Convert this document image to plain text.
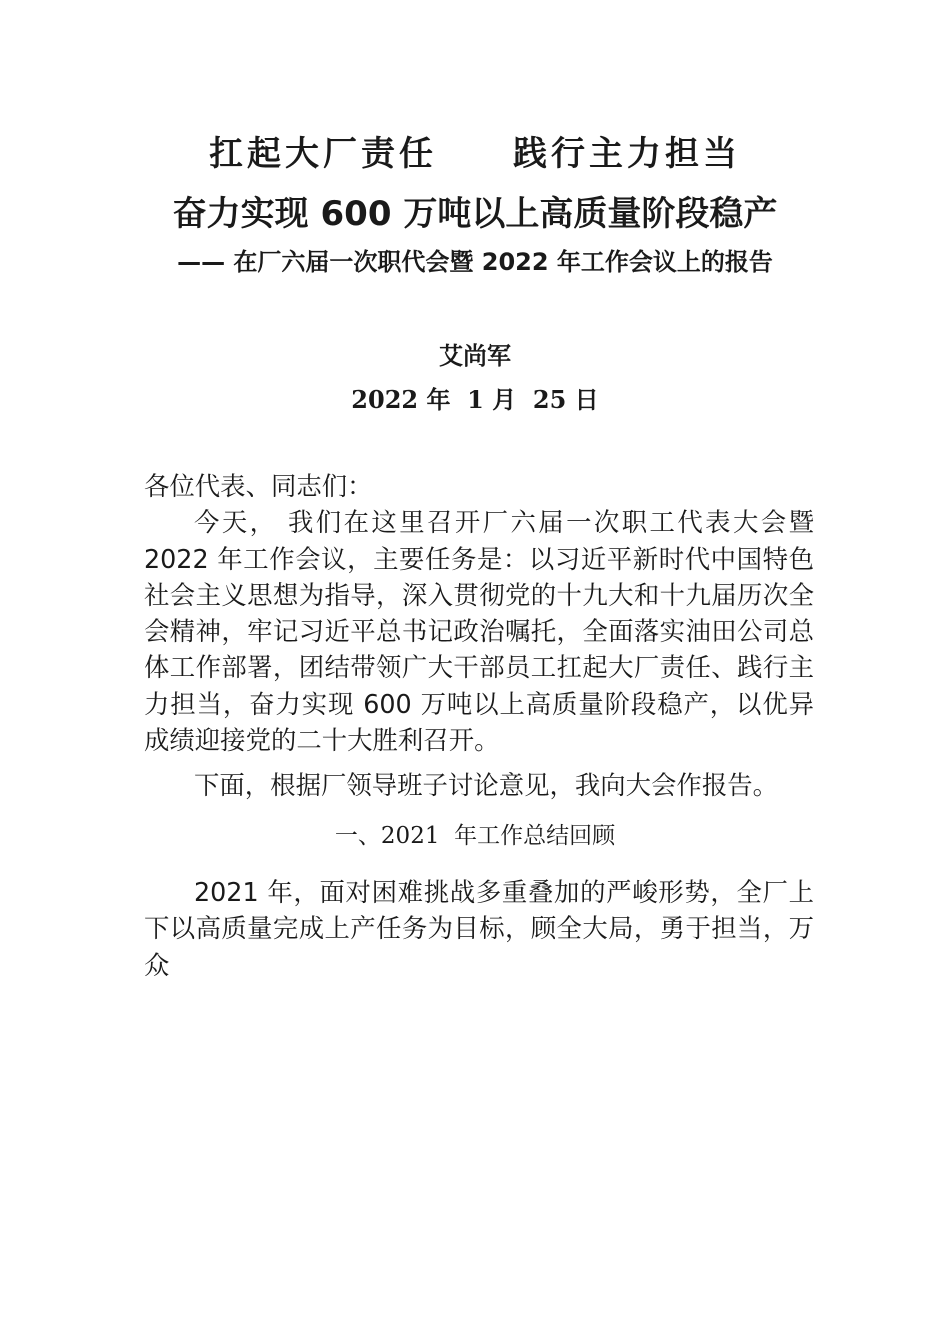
扛起大厂责任　　践行主力担当
奋力实现 600 万吨以上高质量阶段稳产
—— 在厂六届一次职代会暨 2022 年工作会议上的报告
艾尚军
2022 年  1 月  25 日

各位代表、同志们：

今天， 我们在这里召开厂六届一次职工代表大会暨 2022 年工作会议，主要任务是：以习近平新时代中国特色社会主义思想为指导，深入贯彻党的十九大和十九届历次全会精神，牢记习近平总书记政治嘱托，全面落实油田公司总体工作部署，团结带领广大干部员工扛起大厂责任、践行主力担当，奋力实现 600 万吨以上高质量阶段稳产，以优异成绩迎接党的二十大胜利召开。

下面，根据厂领导班子讨论意见，我向大会作报告。

一、2021  年工作总结回顾

2021 年，面对困难挑战多重叠加的严峻形势，全厂上下以高质量完成上产任务为目标，顾全大局，勇于担当，万众
